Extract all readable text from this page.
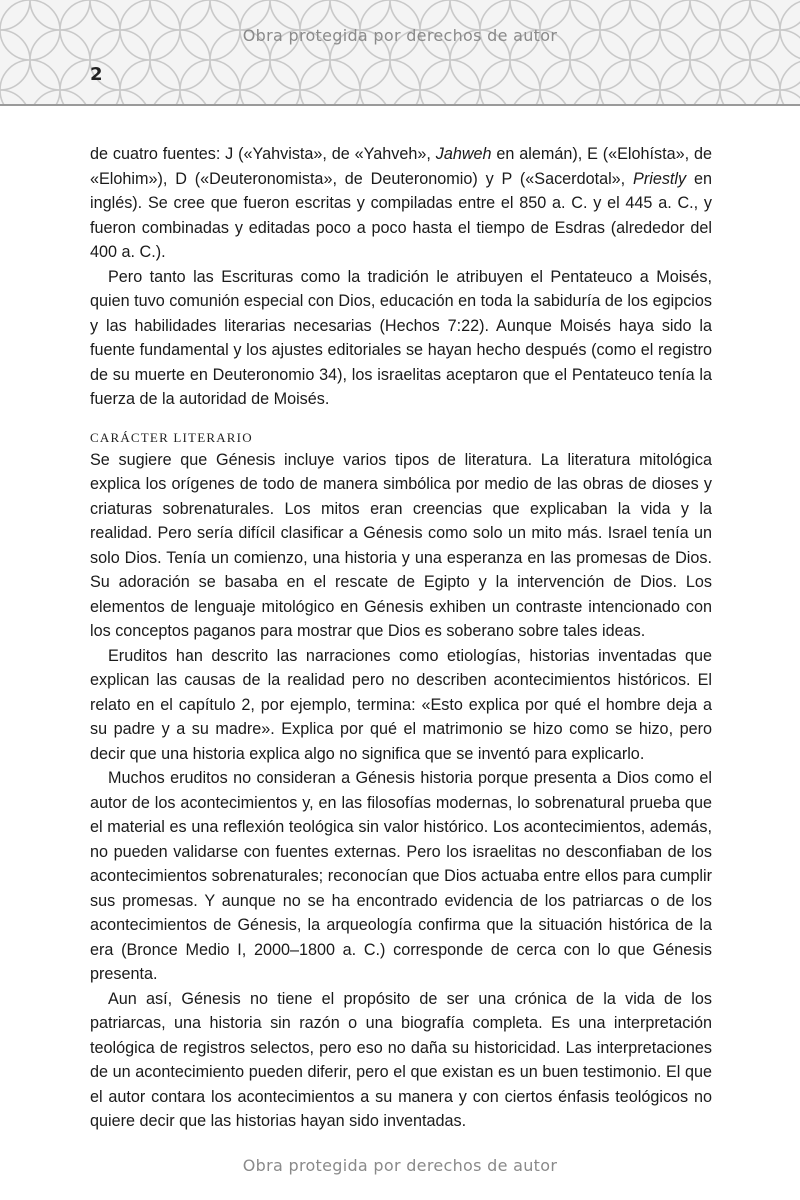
Obra protegida por derechos de autor
2

de cuatro fuentes: J («Yahvista», de «Yahveh», Jahweh en alemán), E («Elohísta», de «Elohim»), D («Deuteronomista», de Deuteronomio) y P («Sacerdotal», Priestly en inglés). Se cree que fueron escritas y compiladas entre el 850 a. C. y el 445 a. C., y fueron combinadas y editadas poco a poco hasta el tiempo de Esdras (alrededor del 400 a. C.).

Pero tanto las Escrituras como la tradición le atribuyen el Pentateuco a Moisés, quien tuvo comunión especial con Dios, educación en toda la sabiduría de los egipcios y las habilidades literarias necesarias (Hechos 7:22). Aunque Moisés haya sido la fuente fundamental y los ajustes editoriales se hayan hecho después (como el registro de su muerte en Deuteronomio 34), los israelitas aceptaron que el Pentateuco tenía la fuerza de la autoridad de Moisés.

CARÁCTER LITERARIO

Se sugiere que Génesis incluye varios tipos de literatura. La literatura mitológica explica los orígenes de todo de manera simbólica por medio de las obras de dioses y criaturas sobrenaturales. Los mitos eran creencias que explicaban la vida y la realidad. Pero sería difícil clasificar a Génesis como solo un mito más. Israel tenía un solo Dios. Tenía un comienzo, una historia y una esperanza en las promesas de Dios. Su adoración se basaba en el rescate de Egipto y la intervención de Dios. Los elementos de lenguaje mitológico en Génesis exhiben un contraste intencionado con los conceptos paganos para mostrar que Dios es soberano sobre tales ideas.

Eruditos han descrito las narraciones como etiologías, historias inventadas que explican las causas de la realidad pero no describen acontecimientos históricos. El relato en el capítulo 2, por ejemplo, termina: «Esto explica por qué el hombre deja a su padre y a su madre». Explica por qué el matrimonio se hizo como se hizo, pero decir que una historia explica algo no significa que se inventó para explicarlo.

Muchos eruditos no consideran a Génesis historia porque presenta a Dios como el autor de los acontecimientos y, en las filosofías modernas, lo sobrenatural prueba que el material es una reflexión teológica sin valor histórico. Los acontecimientos, además, no pueden validarse con fuentes externas. Pero los israelitas no desconfiaban de los acontecimientos sobrenaturales; reconocían que Dios actuaba entre ellos para cumplir sus promesas. Y aunque no se ha encontrado evidencia de los patriarcas o de los acontecimientos de Génesis, la arqueología confirma que la situación histórica de la era (Bronce Medio I, 2000–1800 a. C.) corresponde de cerca con lo que Génesis presenta.

Aun así, Génesis no tiene el propósito de ser una crónica de la vida de los patriarcas, una historia sin razón o una biografía completa. Es una interpretación teológica de registros selectos, pero eso no daña su historicidad. Las interpretaciones de un acontecimiento pueden diferir, pero el que existan es un buen testimonio. El que el autor contara los acontecimientos a su manera y con ciertos énfasis teológicos no quiere decir que las historias hayan sido inventadas.

Obra protegida por derechos de autor
